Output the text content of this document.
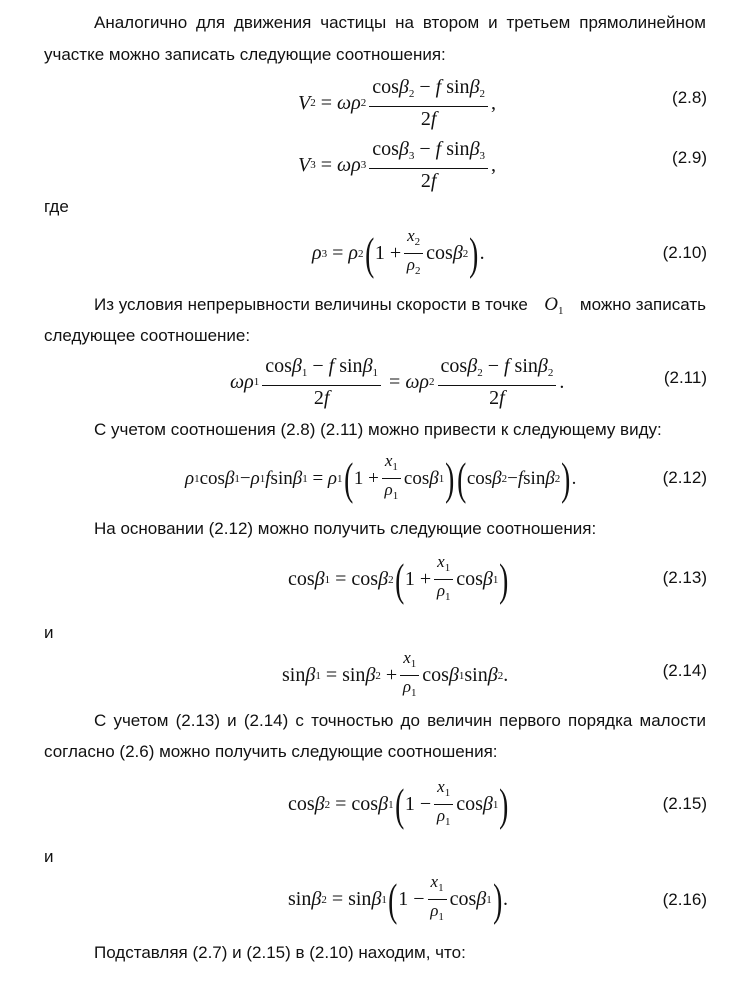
Аналогично для движения частицы на втором и третьем прямолинейном
участке можно записать следующие соотношения:
V 2 = ωρ $2 \frac{\cos\beta_2 - f \sin\beta_2}{2f}$ ,	(2.8)
V 3 = ωρ $3 \frac{\cos\beta_3 - f \sin\beta_3}{2f}$ ,	(2.9)
где
ρ 3 = ρ 2 ( $1 + \frac{x_2}{\rho_2}$ cos β 2 ) .	(2.10)
Из условия непрерывности величины скорости в точке $O_1$ можно записать
следующее соотношение:
ωρ $1 \frac{\cos\beta_1 - f \sin\beta_1}{2f} = \omega\rho$ $2 \frac{\cos\beta_2 - f \sin\beta_2}{2f}$ .	(2.11)
С учетом соотношения (2.8) (2.11) можно привести к следующему виду:
ρ 1 cos β 1 − ρ 1 f sin β 1 = ρ 1 ( $1 + \frac{x_1}{\rho_1}$ cos β 1 ) ( cos β 2 − f sin β 2 ) .	(2.12)
На основании (2.12) можно получить следующие соотношения:
cos β 1 = cos β 2 ( $1 + \frac{x_1}{\rho_1}$ cos β 1 )	(2.13)
и
sin β 1 = sin β $2 + \frac{x_1}{\rho_1}$ cos β 1 sin β 2 .	(2.14)
С учетом (2.13) и (2.14) с точностью до величин первого порядка малости
согласно (2.6) можно получить следующие соотношения:
cos β 2 = cos β 1 ( $1 - \frac{x_1}{\rho_1}$ cos β 1 )	(2.15)
и
sin β 2 = sin β 1 ( $1 - \frac{x_1}{\rho_1}$ cos β 1 ) .	(2.16)
Подставляя (2.7) и (2.15) в (2.10) находим, что:
